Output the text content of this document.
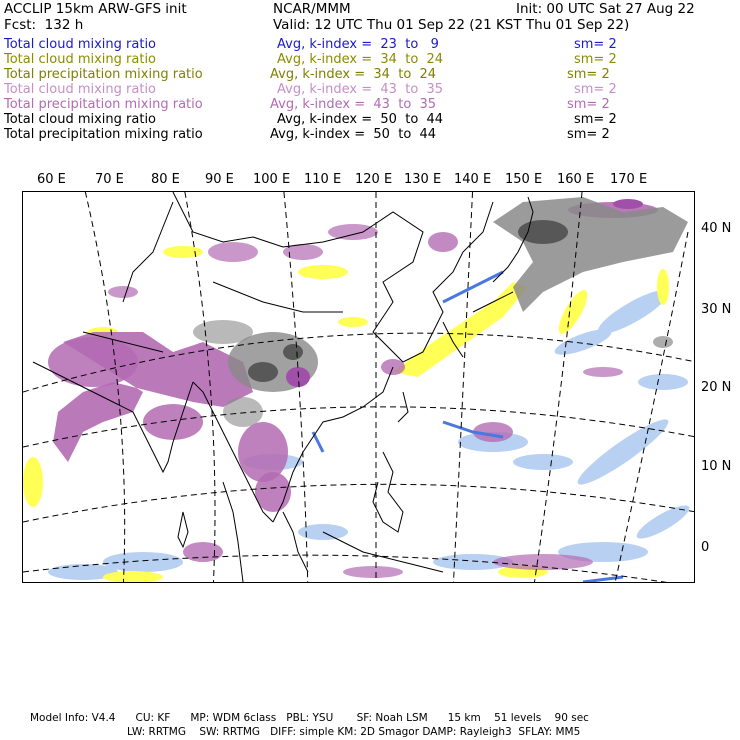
ACCLIP 15km ARW-GFS init	NCAR/MMM	Init: 00 UTC Sat 27 Aug 22
Fcst:  132 h	Valid: 12 UTC Thu 01 Sep 22 (21 KST Thu 01 Sep 22)
Total cloud mixing ratio	Avg, k-index =  23  to   9	sm= 2
Total cloud mixing ratio	Avg, k-index =  34  to  24	sm= 2
Total precipitation mixing ratio	Avg, k-index =  34  to  24	sm= 2
Total cloud mixing ratio	Avg, k-index =  43  to  35	sm= 2
Total precipitation mixing ratio	Avg, k-index =  43  to  35	sm= 2
Total cloud mixing ratio	Avg, k-index =  50  to  44	sm= 2
Total precipitation mixing ratio	Avg, k-index =  50  to  44	sm= 2
60 E 70 E 80 E 90 E 100 E 110 E 120 E 130 E 140 E 150 E 160 E 170 E
40 N
30 N
20 N
10 N
0
Model Info: V4.4      CU: KF      MP: WDM 6class   PBL: YSU       SF: Noah LSM      15 km    51 levels    90 sec
LW: RRTMG    SW: RRTMG   DIFF: simple KM: 2D Smagor DAMP: Rayleigh3  SFLAY: MM5
